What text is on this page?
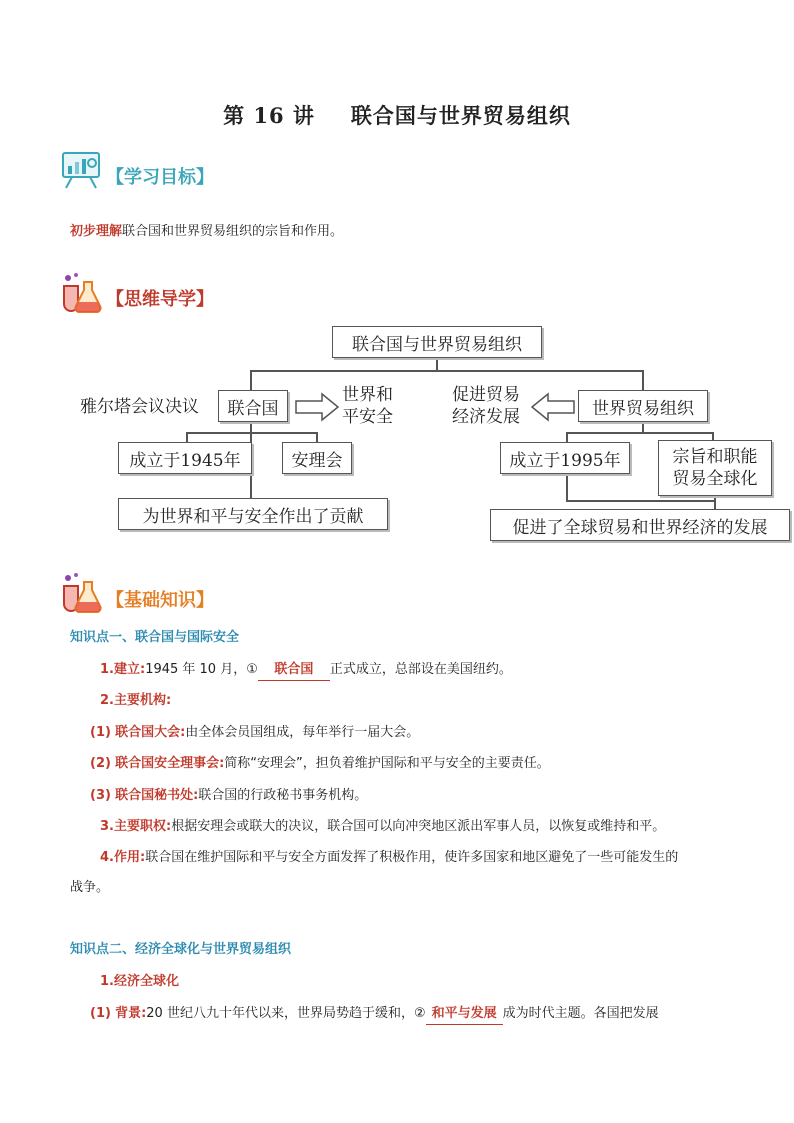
第 16 讲 联合国与世界贸易组织
【学习目标】
初步理解联合国和世界贸易组织的宗旨和作用。
【思维导学】
联合国与世界贸易组织
雅尔塔会议决议	联合国
世界和
平安全
促进贸易
经济发展	世界贸易组织
成立于1945年	安理会
为世界和平与安全作出了贡献
成立于1995年	宗旨和职能
贸易全球化
促进了全球贸易和世界经济的发展
【基础知识】
知识点一、联合国与国际安全
1.建立:1945 年 10 月，① 联合国 正式成立，总部设在美国纽约。
2.主要机构:
(1) 联合国大会:由全体会员国组成，每年举行一届大会。
(2) 联合国安全理事会:简称“安理会”，担负着维护国际和平与安全的主要责任。
(3) 联合国秘书处:联合国的行政秘书事务机构。
3.主要职权:根据安理会或联大的决议，联合国可以向冲突地区派出军事人员，以恢复或维持和平。
4.作用:联合国在维护国际和平与安全方面发挥了积极作用，使许多国家和地区避免了一些可能发生的
战争。
知识点二、经济全球化与世界贸易组织
1.经济全球化
(1) 背景:20 世纪八九十年代以来，世界局势趋于缓和，② 和平与发展 成为时代主题。各国把发展
